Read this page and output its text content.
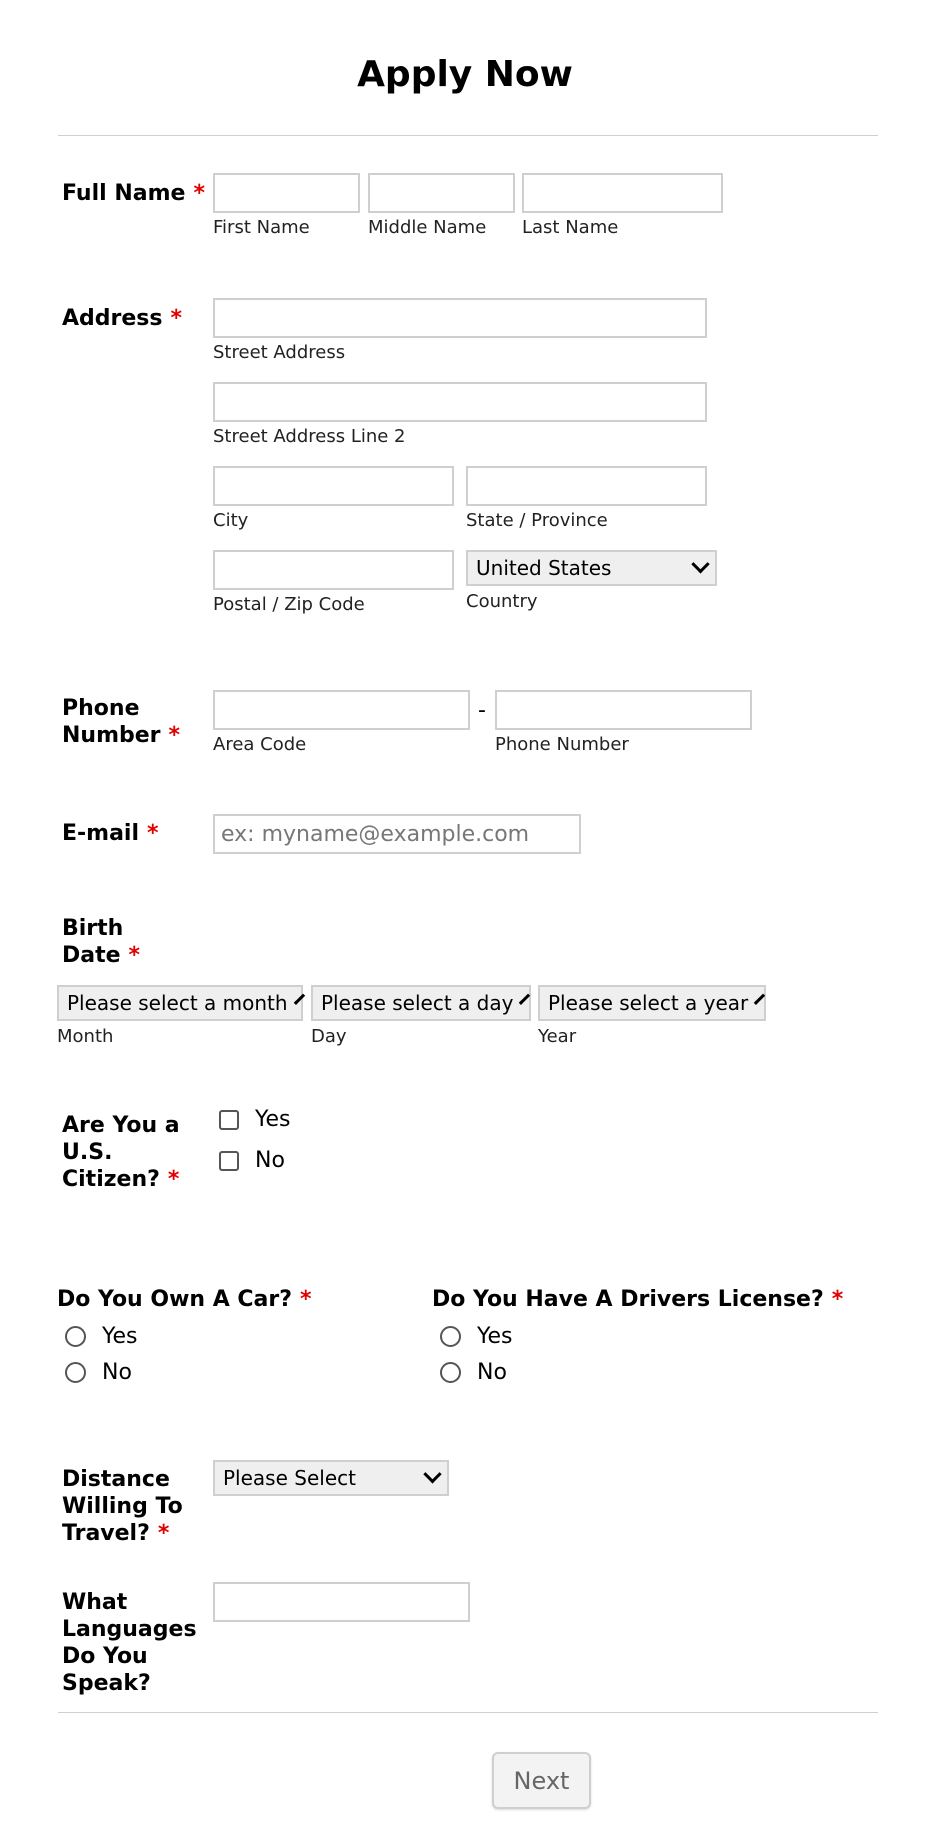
Apply Now
Full Name *
First Name	Middle Name Last Name
Address *
Street Address
Street Address Line 2
City	State / Province
Postal / Zip Code
United States
Country
Phone
Number * Area Code
-
Phone Number
E-mail *
ex: myname@example.com
Birth
Date *
Please select a month
Month
Please select a day
Day
Please select a year
Year
Are You a
U.S.
Citizen? *
Yes
No
Do You Own A Car? *
Yes
No
Do You Have A Drivers License? *
Yes
No
Distance
Willing To
Travel? *
Please Select
What
Languages
Do You
Speak?
Next
